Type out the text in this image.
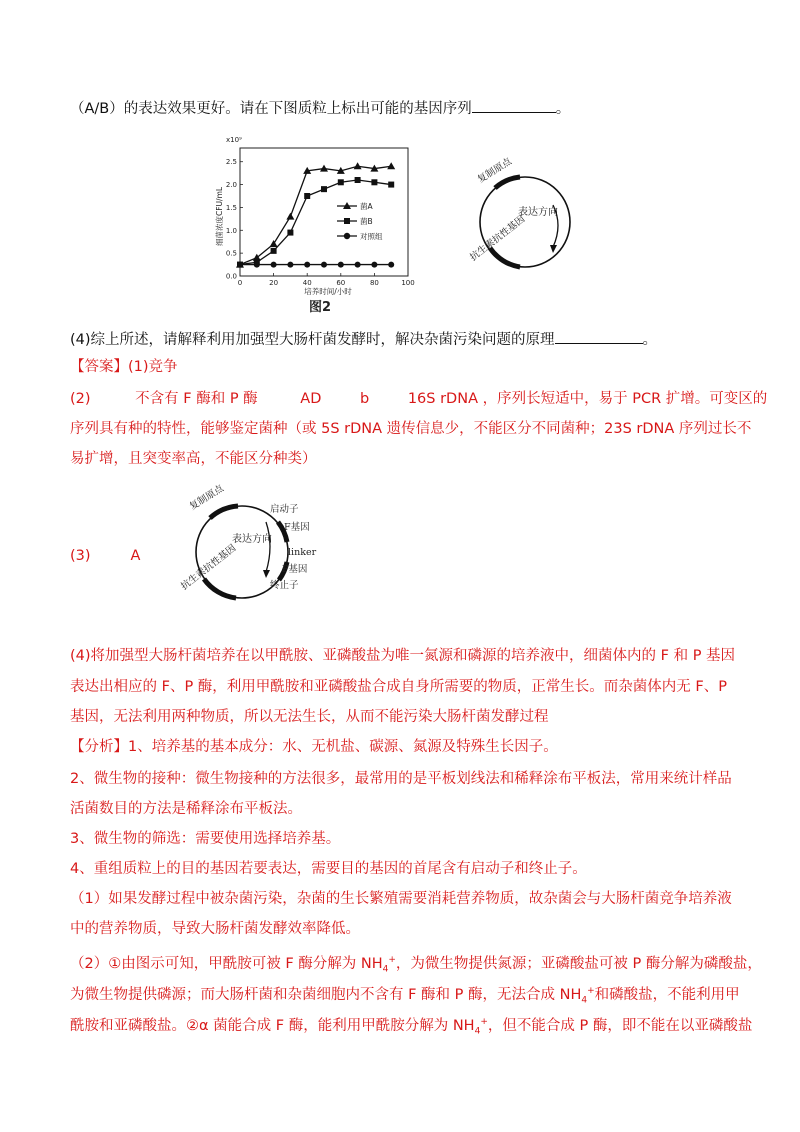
（A/B）的表达效果更好。请在下图质粒上标出可能的基因序列	。
x10⁹
细菌浓度CFU/mL
0.0
0.5
1.0
1.5
2.0
2.5
0	20	40	60	80	100
培养时间/小时
图2
菌A
菌B
对照组
复制原点
表达方向
抗生素抗性基因
(4)综上所述，请解释利用加强型大肠杆菌发酵时，解决杂菌污染问题的原理	。
【答案】(1)竞争
(2)	不含有 F 酶和 P 酶	AD	b	16S rDNA ，序列长短适中，易于 PCR 扩增。可变区的
序列具有种的特性，能够鉴定菌种（或 5S rDNA 遗传信息少，不能区分不同菌种；23S rDNA 序列过长不
易扩增，且突变率高，不能区分种类）
(3)	A
复制原点
表达方向
抗生素抗性基因
启动子
F基因
linker
P基因
终止子
(4)将加强型大肠杆菌培养在以甲酰胺、亚磷酸盐为唯一氮源和磷源的培养液中，细菌体内的 F 和 P 基因
表达出相应的 F、P 酶，利用甲酰胺和亚磷酸盐合成自身所需要的物质，正常生长。而杂菌体内无 F、P
基因，无法利用两种物质，所以无法生长，从而不能污染大肠杆菌发酵过程
【分析】1、培养基的基本成分：水、无机盐、碳源、氮源及特殊生长因子。
2、微生物的接种：微生物接种的方法很多，最常用的是平板划线法和稀释涂布平板法，常用来统计样品
活菌数目的方法是稀释涂布平板法。
3、微生物的筛选：需要使用选择培养基。
4、重组质粒上的目的基因若要表达，需要目的基因的首尾含有启动子和终止子。
（1）如果发酵过程中被杂菌污染，杂菌的生长繁殖需要消耗营养物质，故杂菌会与大肠杆菌竞争培养液
中的营养物质，导致大肠杆菌发酵效率降低。
（2）①由图示可知，甲酰胺可被 F 酶分解为 $NH_4^+$，为微生物提供氮源；亚磷酸盐可被 P 酶分解为磷酸盐，
为微生物提供磷源；而大肠杆菌和杂菌细胞内不含有 F 酶和 P 酶，无法合成 $NH_4^+$和磷酸盐，不能利用甲
酰胺和亚磷酸盐。②α 菌能合成 F 酶，能利用甲酰胺分解为 $NH_4^+$，但不能合成 P 酶，即不能在以亚磷酸盐
